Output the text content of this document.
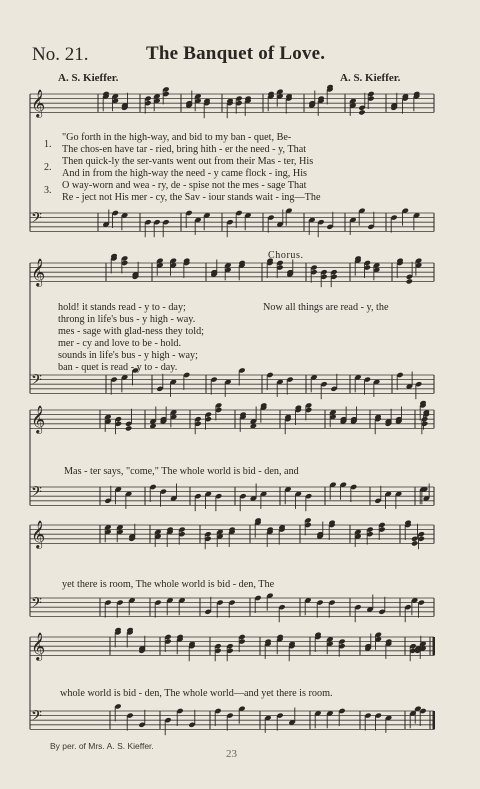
No. 21.	The Banquet of Love.
A. S. Kieffer.	A. S. Kieffer.
𝄞
𝄢
𝄞
𝄢
𝄞
𝄢
𝄞
𝄢
𝄞
𝄢
1.
2.
3.
"Go forth in the high-way, and bid to my ban - quet, Be-
The chos-en have tar - ried, bring hith - er the need - y, That
Then quick-ly the ser-vants went out from their Mas - ter, His
And in from the high-way the need - y came flock - ing, His
O way-worn and wea - ry, de - spise not the mes - sage That
Re - ject not His mer - cy, the Sav - iour stands wait - ing—The
Chorus.
hold! it stands read - y to - day;
throng in life's bus - y high - way.
mes - sage with glad-ness they told;
mer - cy and love to be - hold.
sounds in life's bus - y high - way;
ban - quet is read - y to - day.
Now all things are read - y, the
Mas - ter says, "come," The whole world is bid - den, and
yet there is room, The whole world is bid - den, The
whole world is bid - den, The whole world—and yet there is room.
By per. of Mrs. A. S. Kieffer.
23
